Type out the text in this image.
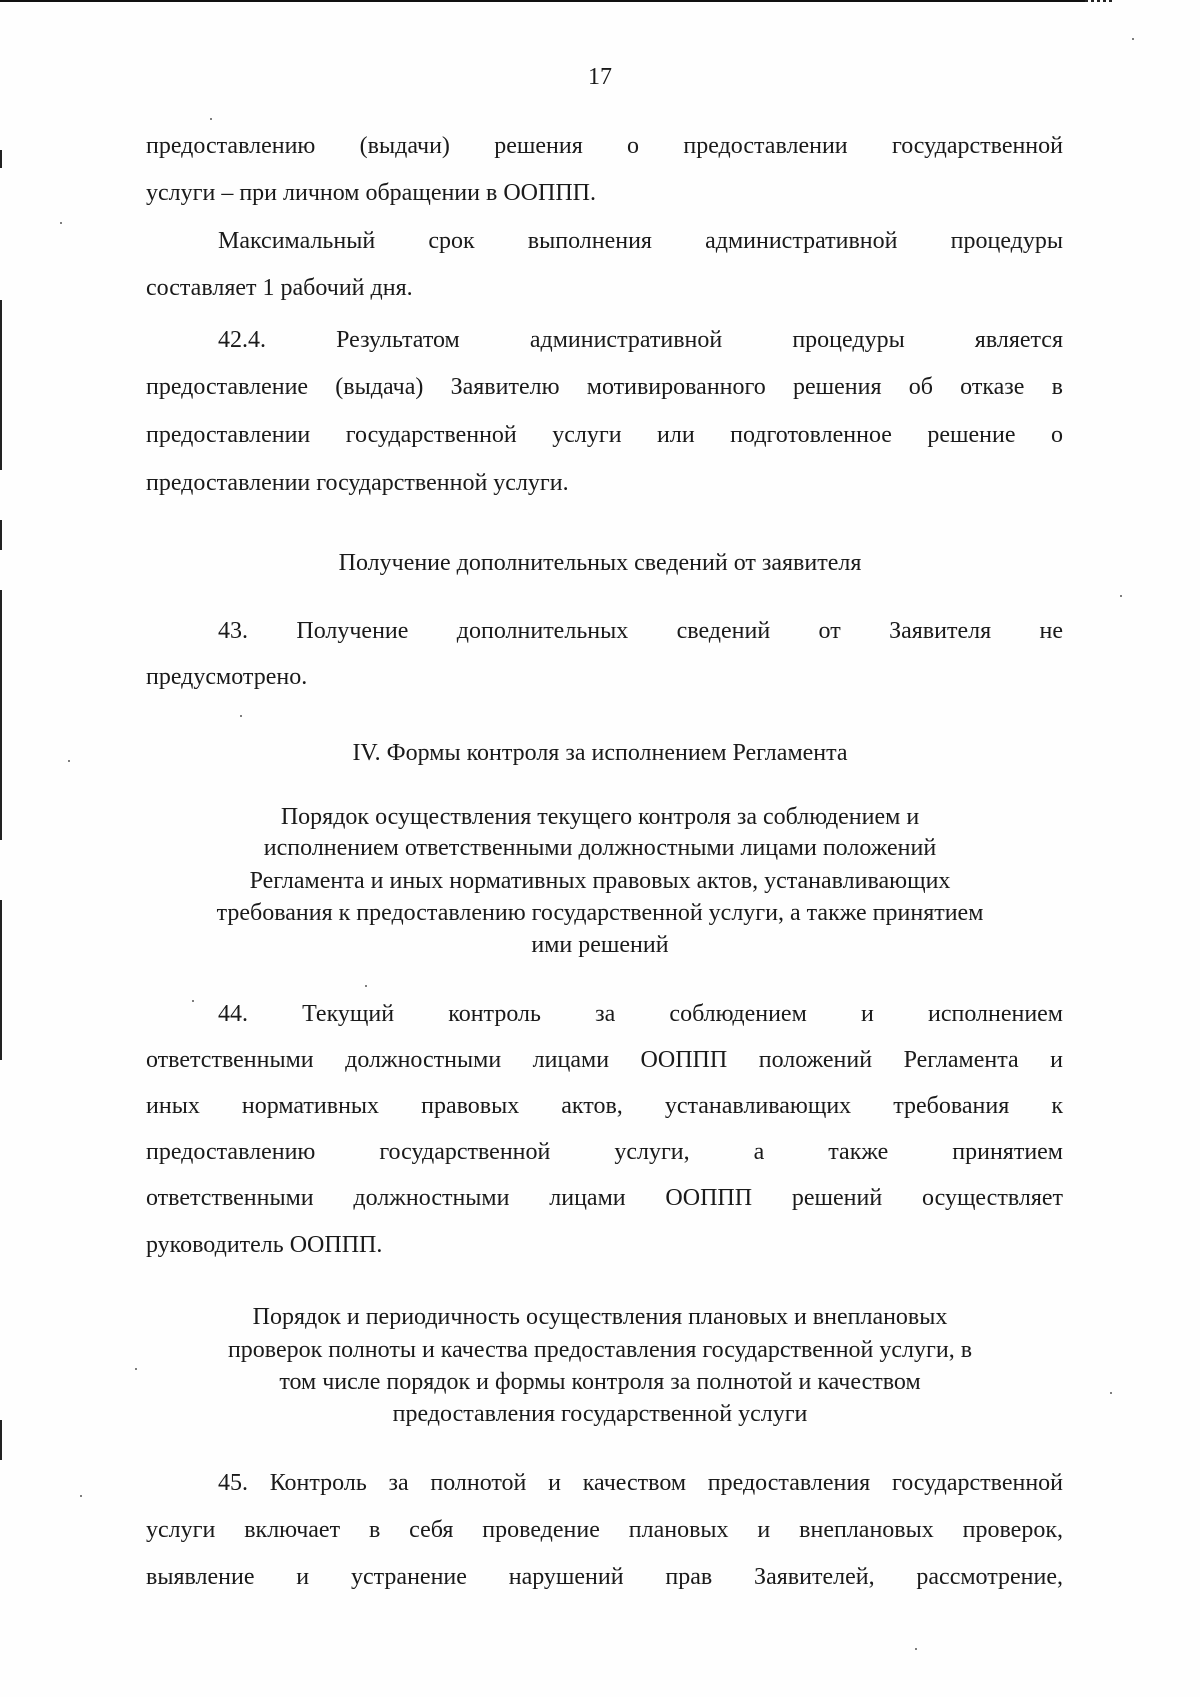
17

предоставлению (выдачи) решения о предоставлении государственной

услуги – при личном обращении в ООППП.

Максимальный срок выполнения административной процедуры

составляет 1 рабочий дня.

42.4. Результатом административной процедуры является

предоставление (выдача) Заявителю мотивированного решения об отказе в

предоставлении государственной услуги или подготовленное решение о

предоставлении государственной услуги.

Получение дополнительных сведений от заявителя

43. Получение дополнительных сведений от Заявителя не

предусмотрено.

IV. Формы контроля за исполнением Регламента

Порядок осуществления текущего контроля за соблюдением и

исполнением ответственными должностными лицами положений

Регламента и иных нормативных правовых актов, устанавливающих

требования к предоставлению государственной услуги, а также принятием

ими решений

44. Текущий контроль за соблюдением и исполнением

ответственными должностными лицами ООППП положений Регламента и

иных нормативных правовых актов, устанавливающих требования к

предоставлению государственной услуги, а также принятием

ответственными должностными лицами ООППП решений осуществляет

руководитель ООППП.

Порядок и периодичность осуществления плановых и внеплановых

проверок полноты и качества предоставления государственной услуги, в

том числе порядок и формы контроля за полнотой и качеством

предоставления государственной услуги

45. Контроль за полнотой и качеством предоставления государственной

услуги включает в себя проведение плановых и внеплановых проверок,

выявление и устранение нарушений прав Заявителей, рассмотрение,
